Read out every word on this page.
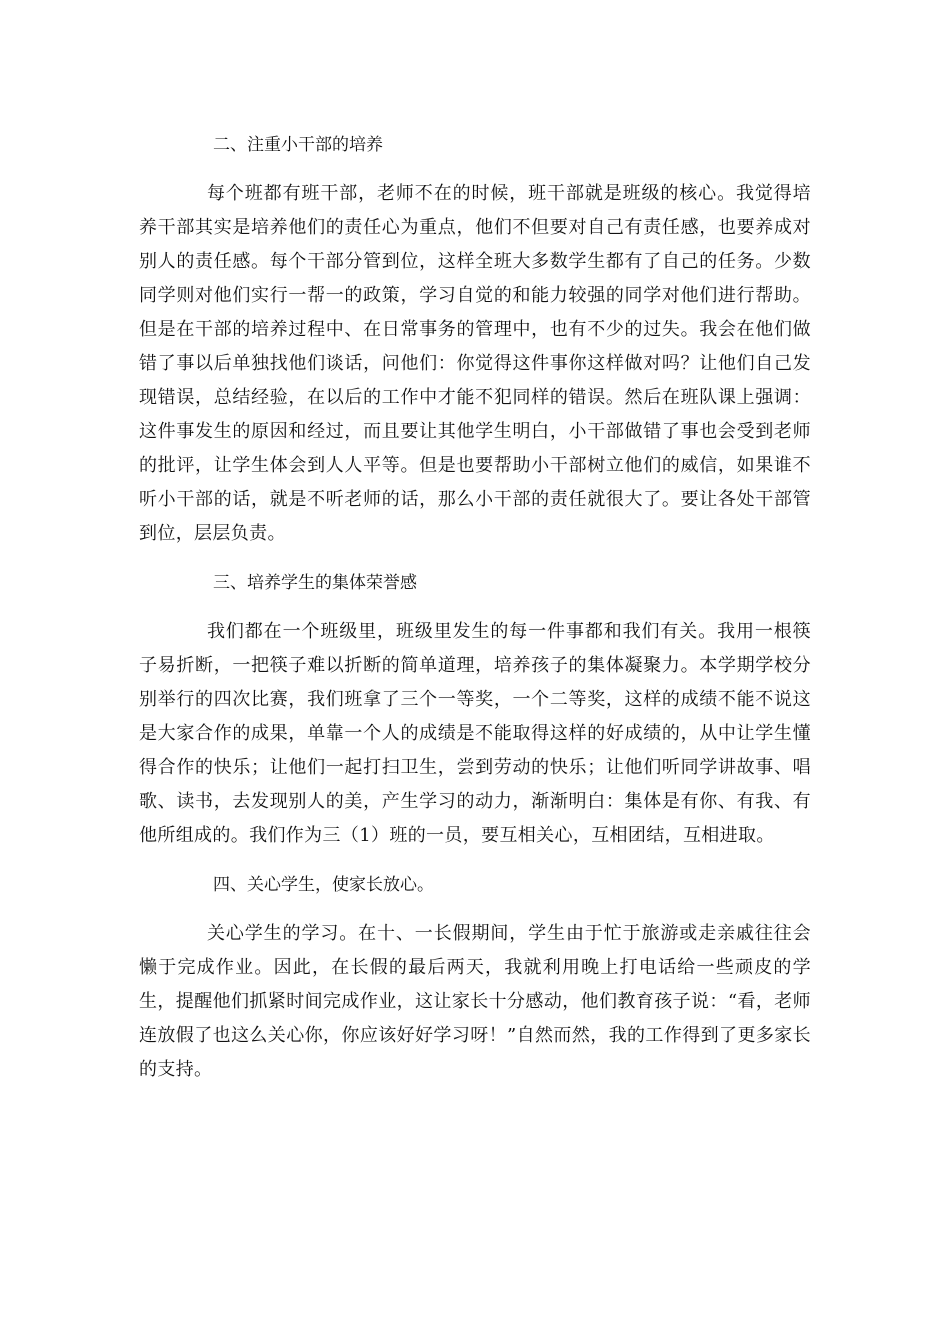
二、注重小干部的培养

每个班都有班干部，老师不在的时候，班干部就是班级的核心。我觉得培养干部其实是培养他们的责任心为重点，他们不但要对自己有责任感，也要养成对别人的责任感。每个干部分管到位，这样全班大多数学生都有了自己的任务。少数同学则对他们实行一帮一的政策，学习自觉的和能力较强的同学对他们进行帮助。但是在干部的培养过程中、在日常事务的管理中，也有不少的过失。我会在他们做错了事以后单独找他们谈话，问他们：你觉得这件事你这样做对吗？让他们自己发现错误，总结经验，在以后的工作中才能不犯同样的错误。然后在班队课上强调：这件事发生的原因和经过，而且要让其他学生明白，小干部做错了事也会受到老师的批评，让学生体会到人人平等。但是也要帮助小干部树立他们的威信，如果谁不听小干部的话，就是不听老师的话，那么小干部的责任就很大了。要让各处干部管到位，层层负责。

三、培养学生的集体荣誉感

我们都在一个班级里，班级里发生的每一件事都和我们有关。我用一根筷子易折断，一把筷子难以折断的简单道理，培养孩子的集体凝聚力。本学期学校分别举行的四次比赛，我们班拿了三个一等奖，一个二等奖，这样的成绩不能不说这是大家合作的成果，单靠一个人的成绩是不能取得这样的好成绩的，从中让学生懂得合作的快乐；让他们一起打扫卫生，尝到劳动的快乐；让他们听同学讲故事、唱歌、读书，去发现别人的美，产生学习的动力，渐渐明白：集体是有你、有我、有他所组成的。我们作为三（1）班的一员，要互相关心，互相团结，互相进取。

四、关心学生，使家长放心。

关心学生的学习。在十、一长假期间，学生由于忙于旅游或走亲戚往往会懒于完成作业。因此，在长假的最后两天，我就利用晚上打电话给一些顽皮的学生，提醒他们抓紧时间完成作业，这让家长十分感动，他们教育孩子说：“看，老师连放假了也这么关心你，你应该好好学习呀！”自然而然，我的工作得到了更多家长的支持。
